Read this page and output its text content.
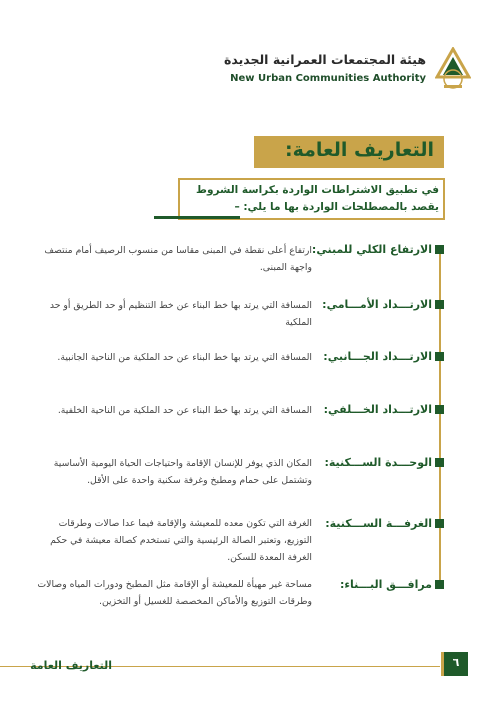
هيئة المجتمعات العمرانية الجديدة
New Urban Communities Authority
التعاريف العامة:
في تطبيق الاشتراطات الواردة بكراسة الشروط
يقصد بالمصطلحات الواردة بها ما يلي: –
الارتفاع الكلي للمبني:
ارتفاع أعلى نقطة في المبنى مقاسا من منسوب الرصيف أمام منتصف واجهة المبنى.
الارتـــداد الأمـــامي:
المسافة التي يرتد بها خط البناء عن خط التنظيم أو حد الطريق أو حد الملكية
الارتـــداد الجـــانبي:
المسافة التي يرتد بها خط البناء عن حد الملكية من الناحية الجانبية.
الارتـــداد الخـــلفي:
المسافة التي يرتد بها خط البناء عن حد الملكية من الناحية الخلفية.
الوحـــدة الســـكنية:
المكان الذي يوفر للإنسان الإقامة واحتياجات الحياة اليومية الأساسية وتشتمل على حمام ومطبخ وغرفة سكنية واحدة على الأقل.
الغرفـــة الســـكنية:
الغرفة التي تكون معده للمعيشة والإقامة فيما عدا صالات وطرقات التوزيع، وتعتبر الصالة الرئيسية والتي تستخدم كصالة معيشة في حكم الغرفة المعدة للسكن.
مرافـــق البـــناء:
مساحة غير مهيأة للمعيشة أو الإقامة مثل المطبخ ودورات المياه وصالات وطرقات التوزيع والأماكن المخصصة للغسيل أو التخزين.
التعاريف العامة	٦
